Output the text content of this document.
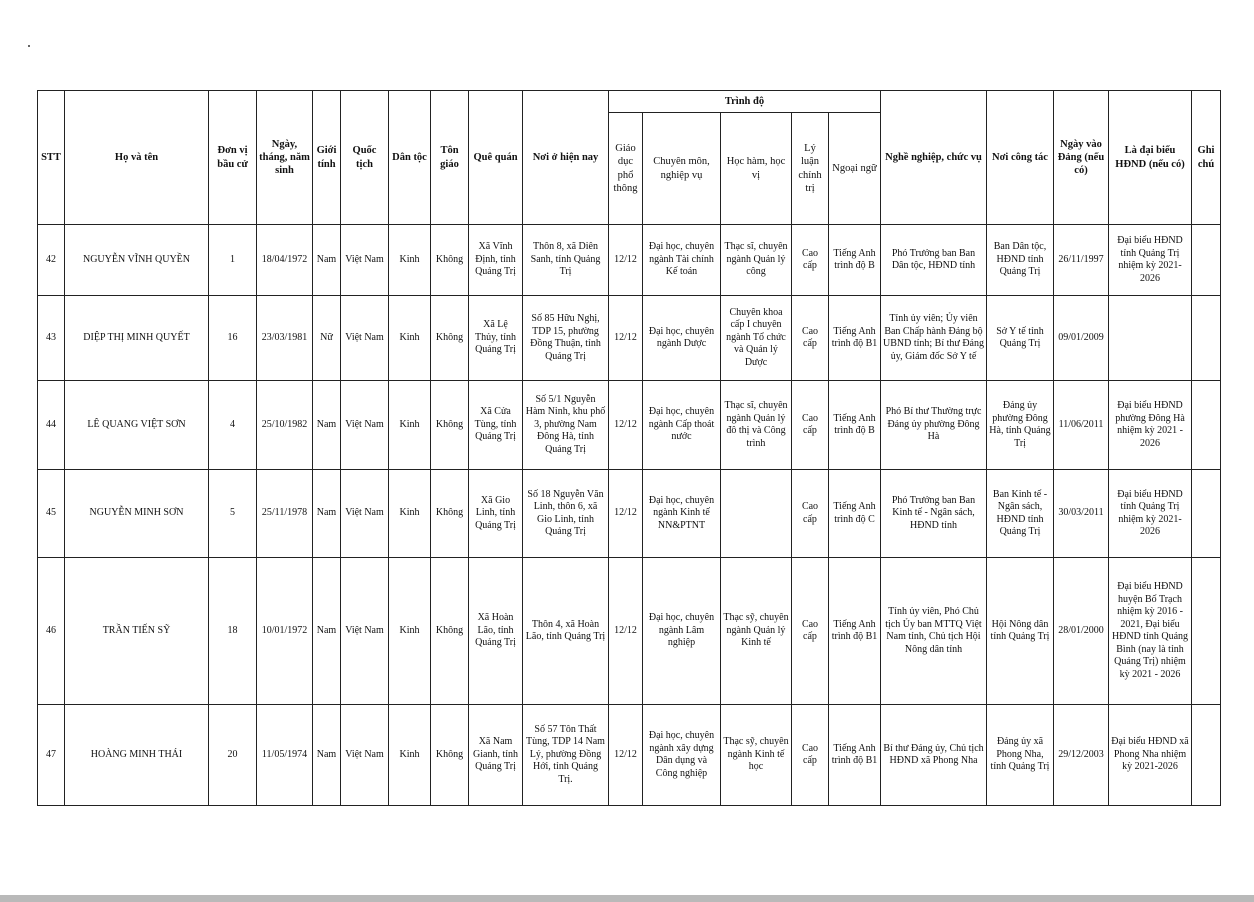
STT	Họ và tên	Đơn vị bầu cử	Ngày, tháng, năm sinh	Giới tính	Quốc tịch	Dân tộc	Tôn giáo	Quê quán	Nơi ở hiện nay	Trình độ					Nghề nghiệp, chức vụ	Nơi công tác	Ngày vào Đảng (nếu có)	Là đại biểu HĐND (nếu có)	Ghi chú
										Giáo dục phổ thông	Chuyên môn, nghiệp vụ	Học hàm, học vị	Lý luận chính trị	Ngoại ngữ					
42	NGUYỄN VĨNH QUYỀN	1	18/04/1972	Nam	Việt Nam	Kinh	Không	Xã Vĩnh Định, tỉnh Quảng Trị	Thôn 8, xã Diên Sanh, tỉnh Quảng Trị	12/12	Đại học, chuyên ngành Tài chính Kế toán	Thạc sĩ, chuyên ngành Quản lý công	Cao cấp	Tiếng Anh trình độ B	Phó Trưởng ban Ban Dân tộc, HĐND tỉnh	Ban Dân tộc, HĐND tỉnh Quảng Trị	26/11/1997	Đại biểu HĐND tỉnh Quảng Trị nhiệm kỳ 2021-2026	
43	DIỆP THỊ MINH QUYẾT	16	23/03/1981	Nữ	Việt Nam	Kinh	Không	Xã Lệ Thủy, tỉnh Quảng Trị	Số 85 Hữu Nghị, TDP 15, phường Đồng Thuận, tỉnh Quảng Trị	12/12	Đại học, chuyên ngành Dược	Chuyên khoa cấp I chuyên ngành Tổ chức và Quản lý Dược	Cao cấp	Tiếng Anh trình độ B1	Tỉnh ủy viên; Ủy viên Ban Chấp hành Đảng bộ UBND tỉnh; Bí thư Đảng ủy, Giám đốc Sở Y tế	Sở Y tế tỉnh Quảng Trị	09/01/2009		
44	LÊ QUANG VIỆT SƠN	4	25/10/1982	Nam	Việt Nam	Kinh	Không	Xã Cửa Tùng, tỉnh Quảng Trị	Số 5/1 Nguyễn Hàm Ninh, khu phố 3, phường Nam Đông Hà, tỉnh Quảng Trị	12/12	Đại học, chuyên ngành Cấp thoát nước	Thạc sĩ, chuyên ngành Quản lý đô thị và Công trình	Cao cấp	Tiếng Anh trình độ B	Phó Bí thư Thường trực Đảng ủy phường Đông Hà	Đảng ủy phường Đông Hà, tỉnh Quảng Trị	11/06/2011	Đại biểu HĐND phường Đông Hà nhiệm kỳ 2021 - 2026	
45	NGUYỄN MINH SƠN	5	25/11/1978	Nam	Việt Nam	Kinh	Không	Xã Gio Linh, tỉnh Quảng Trị	Số 18 Nguyễn Văn Linh, thôn 6, xã Gio Linh, tỉnh Quảng Trị	12/12	Đại học, chuyên ngành Kinh tế NN&PTNT		Cao cấp	Tiếng Anh trình độ C	Phó Trưởng ban Ban Kinh tế - Ngân sách, HĐND tỉnh	Ban Kinh tế - Ngân sách, HĐND tỉnh Quảng Trị	30/03/2011	Đại biểu HĐND tỉnh Quảng Trị nhiệm kỳ 2021-2026	
46	TRẦN TIẾN SỸ	18	10/01/1972	Nam	Việt Nam	Kinh	Không	Xã Hoàn Lão, tỉnh Quảng Trị	Thôn 4, xã Hoàn Lão, tỉnh Quảng Trị	12/12	Đại học, chuyên ngành Lâm nghiệp	Thạc sỹ, chuyên ngành Quản lý Kinh tế	Cao cấp	Tiếng Anh trình độ B1	Tỉnh ủy viên, Phó Chủ tịch Ủy ban MTTQ Việt Nam tỉnh, Chủ tịch Hội Nông dân tỉnh	Hội Nông dân tỉnh Quảng Trị	28/01/2000	Đại biểu HĐND huyện Bố Trạch nhiệm kỳ 2016 - 2021, Đại biểu HĐND tỉnh Quảng Bình (nay là tỉnh Quảng Trị) nhiệm kỳ 2021 - 2026	
47	HOÀNG MINH THÁI	20	11/05/1974	Nam	Việt Nam	Kinh	Không	Xã Nam Gianh, tỉnh Quảng Trị	Số 57 Tôn Thất Tùng, TDP 14 Nam Lý, phường Đồng Hới, tỉnh Quảng Trị.	12/12	Đại học, chuyên ngành xây dựng Dân dụng và Công nghiệp	Thạc sỹ, chuyên ngành Kinh tế học	Cao cấp	Tiếng Anh trình độ B1	Bí thư Đảng ủy, Chủ tịch HĐND xã Phong Nha	Đảng ủy xã Phong Nha, tỉnh Quảng Trị	29/12/2003	Đại biểu HĐND xã Phong Nha nhiệm kỳ 2021-2026	
